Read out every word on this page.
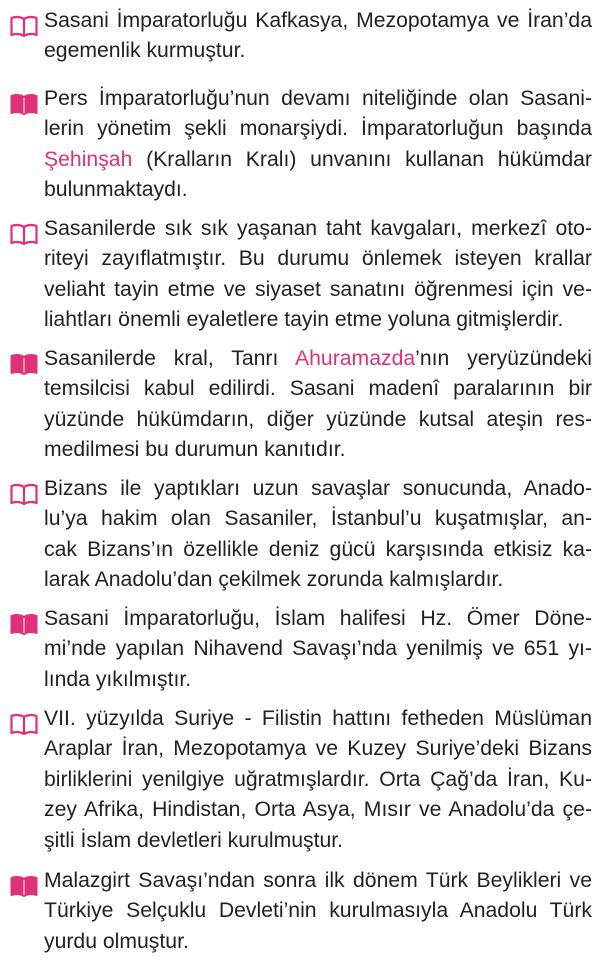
Sasani İmparatorluğu Kafkasya, Mezopotamya ve İran’da
egemenlik kurmuştur.
Pers İmparatorluğu’nun devamı niteliğinde olan Sasani-
lerin yönetim şekli monarşiydi. İmparatorluğun başında
Şehinşah (Kralların Kralı) unvanını kullanan hükümdar
bulunmaktaydı.
Sasanilerde sık sık yaşanan taht kavgaları, merkezî oto-
riteyi zayıflatmıştır. Bu durumu önlemek isteyen krallar
veliaht tayin etme ve siyaset sanatını öğrenmesi için ve-
liahtları önemli eyaletlere tayin etme yoluna gitmişlerdir.
Sasanilerde kral, Tanrı Ahuramazda’nın yeryüzündeki
temsilcisi kabul edilirdi. Sasani madenî paralarının bir
yüzünde hükümdarın, diğer yüzünde kutsal ateşin res-
medilmesi bu durumun kanıtıdır.
Bizans ile yaptıkları uzun savaşlar sonucunda, Anado-
lu’ya hakim olan Sasaniler, İstanbul’u kuşatmışlar, an-
cak Bizans’ın özellikle deniz gücü karşısında etkisiz ka-
larak Anadolu’dan çekilmek zorunda kalmışlardır.
Sasani İmparatorluğu, İslam halifesi Hz. Ömer Döne-
mi’nde yapılan Nihavend Savaşı’nda yenilmiş ve 651 yı-
lında yıkılmıştır.
VII. yüzyılda Suriye - Filistin hattını fetheden Müslüman
Araplar İran, Mezopotamya ve Kuzey Suriye’deki Bizans
birliklerini yenilgiye uğratmışlardır. Orta Çağ’da İran, Ku-
zey Afrika, Hindistan, Orta Asya, Mısır ve Anadolu’da çe-
şitli İslam devletleri kurulmuştur.
Malazgirt Savaşı’ndan sonra ilk dönem Türk Beylikleri ve
Türkiye Selçuklu Devleti’nin kurulmasıyla Anadolu Türk
yurdu olmuştur.
